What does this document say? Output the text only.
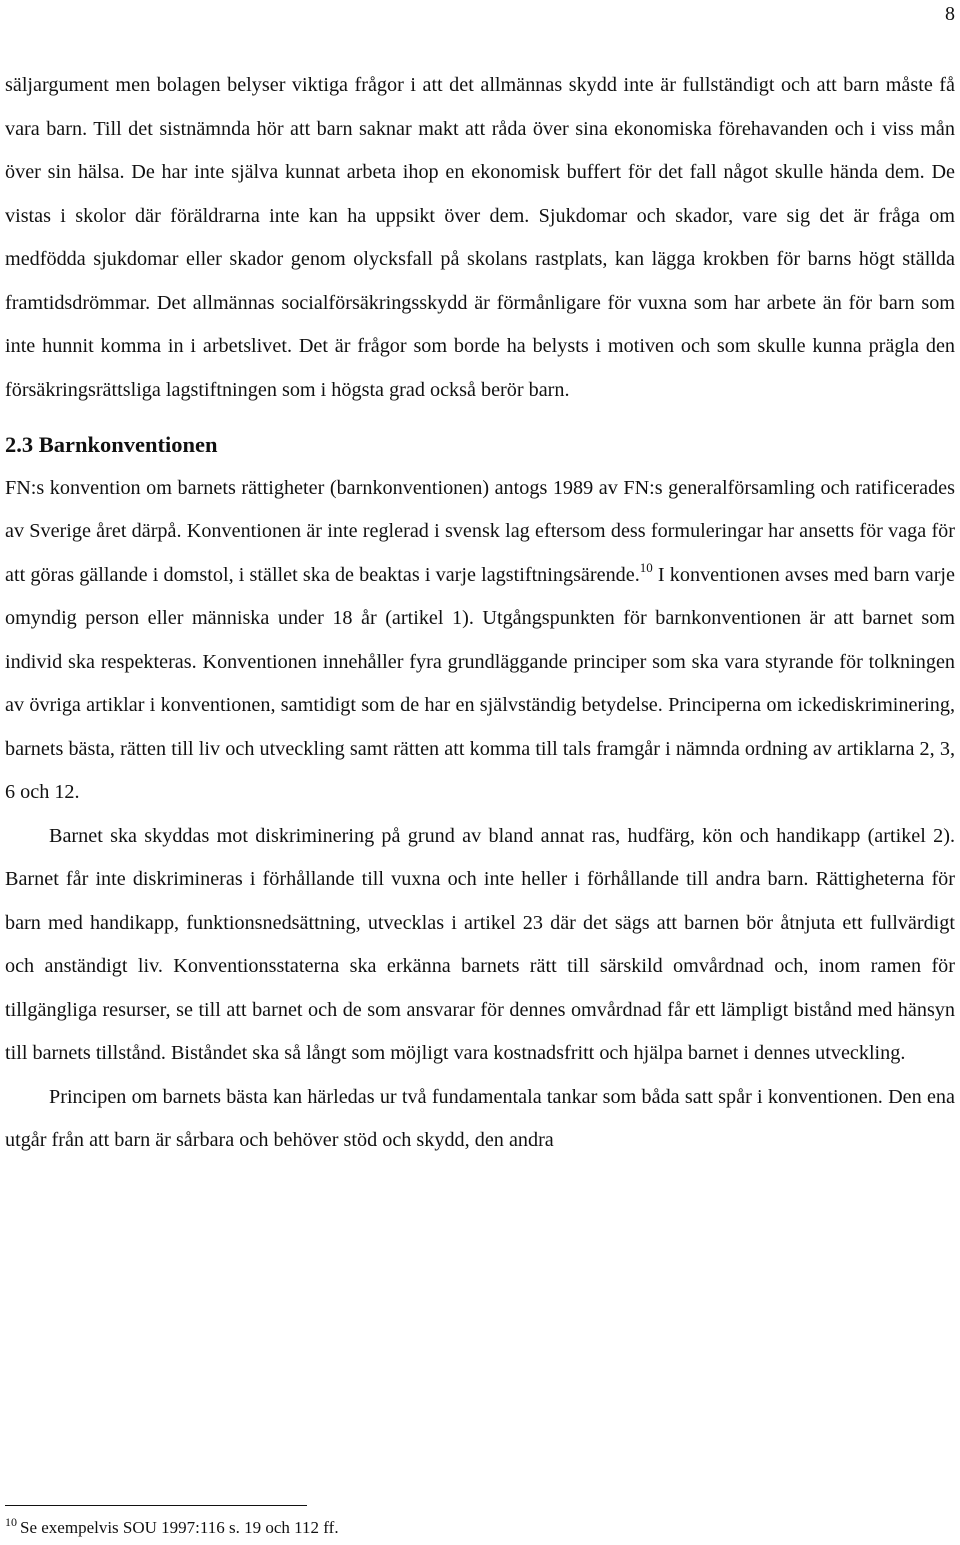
8

säljargument men bolagen belyser viktiga frågor i att det allmännas skydd inte är fullständigt och att barn måste få vara barn. Till det sistnämnda hör att barn saknar makt att råda över sina ekonomiska förehavanden och i viss mån över sin hälsa. De har inte själva kunnat arbeta ihop en ekonomisk buffert för det fall något skulle hända dem. De vistas i skolor där föräldrarna inte kan ha uppsikt över dem. Sjukdomar och skador, vare sig det är fråga om medfödda sjukdomar eller skador genom olycksfall på skolans rastplats, kan lägga krokben för barns högt ställda framtidsdrömmar. Det allmännas socialförsäkringsskydd är förmånligare för vuxna som har arbete än för barn som inte hunnit komma in i arbetslivet. Det är frågor som borde ha belysts i motiven och som skulle kunna prägla den försäkringsrättsliga lagstiftningen som i högsta grad också berör barn.

2.3 Barnkonventionen

FN:s konvention om barnets rättigheter (barnkonventionen) antogs 1989 av FN:s generalförsamling och ratificerades av Sverige året därpå. Konventionen är inte reglerad i svensk lag eftersom dess formuleringar har ansetts för vaga för att göras gällande i domstol, i stället ska de beaktas i varje lagstiftningsärende.$^{10}$ I konventionen avses med barn varje omyndig person eller människa under 18 år (artikel 1). Utgångspunkten för barnkonventionen är att barnet som individ ska respekteras. Konventionen innehåller fyra grundläggande principer som ska vara styrande för tolkningen av övriga artiklar i konventionen, samtidigt som de har en självständig betydelse. Principerna om ickediskriminering, barnets bästa, rätten till liv och utveckling samt rätten att komma till tals framgår i nämnda ordning av artiklarna 2, 3, 6 och 12.

Barnet ska skyddas mot diskriminering på grund av bland annat ras, hudfärg, kön och handikapp (artikel 2). Barnet får inte diskrimineras i förhållande till vuxna och inte heller i förhållande till andra barn. Rättigheterna för barn med handikapp, funktionsnedsättning, utvecklas i artikel 23 där det sägs att barnen bör åtnjuta ett fullvärdigt och anständigt liv. Konventionsstaterna ska erkänna barnets rätt till särskild omvårdnad och, inom ramen för tillgängliga resurser, se till att barnet och de som ansvarar för dennes omvårdnad får ett lämpligt bistånd med hänsyn till barnets tillstånd. Biståndet ska så långt som möjligt vara kostnadsfritt och hjälpa barnet i dennes utveckling.

Principen om barnets bästa kan härledas ur två fundamentala tankar som båda satt spår i konventionen. Den ena utgår från att barn är sårbara och behöver stöd och skydd, den andra

$^{10}$ Se exempelvis SOU 1997:116 s. 19 och 112 ff.
